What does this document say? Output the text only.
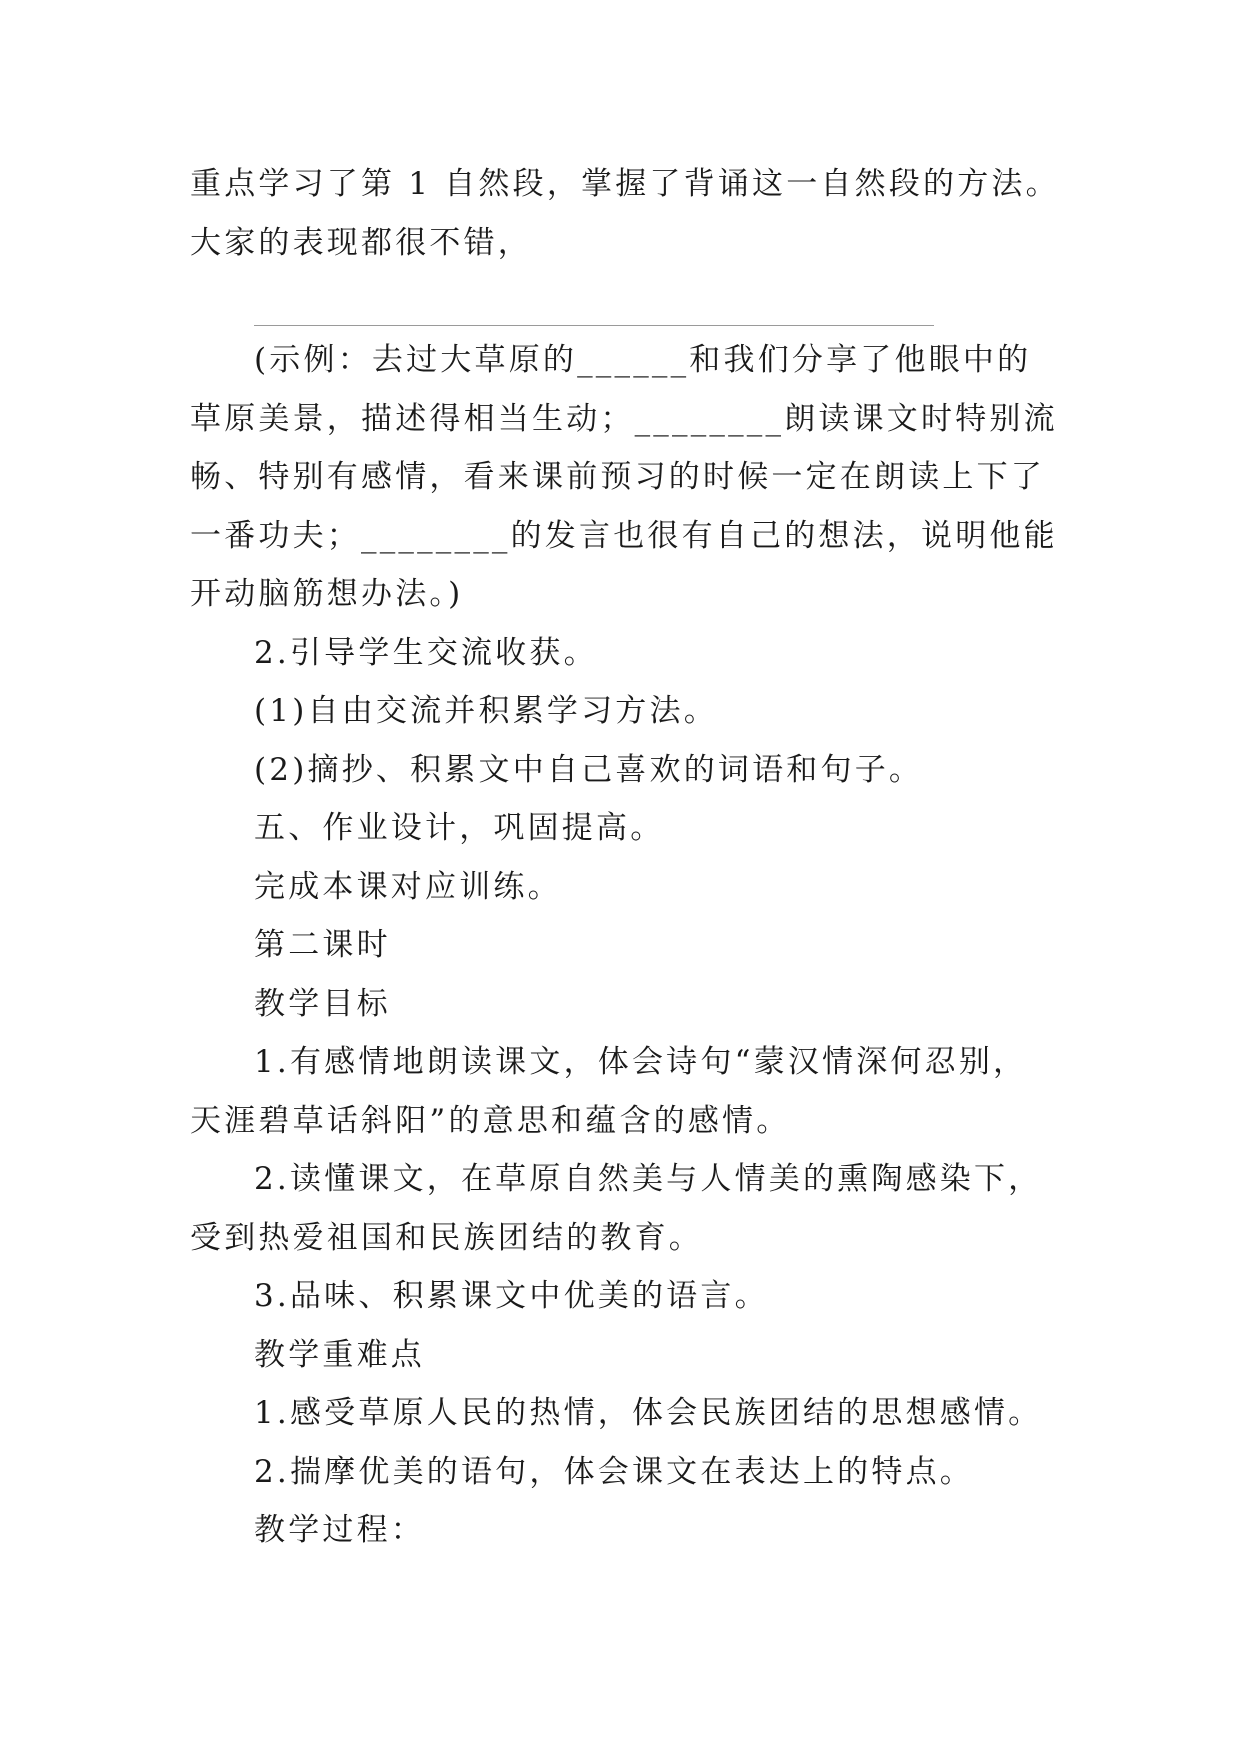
重点学习了第 1 自然段，掌握了背诵这一自然段的方法。大家的表现都很不错，

(示例：去过大草原的______和我们分享了他眼中的草原美景，描述得相当生动；________朗读课文时特别流畅、特别有感情，看来课前预习的时候一定在朗读上下了一番功夫；________的发言也很有自己的想法，说明他能开动脑筋想办法。)

2.引导学生交流收获。

(1)自由交流并积累学习方法。

(2)摘抄、积累文中自己喜欢的词语和句子。

五、作业设计，巩固提高。

完成本课对应训练。

第二课时

教学目标

1.有感情地朗读课文，体会诗句“蒙汉情深何忍别，天涯碧草话斜阳”的意思和蕴含的感情。

2.读懂课文，在草原自然美与人情美的熏陶感染下，受到热爱祖国和民族团结的教育。

3.品味、积累课文中优美的语言。

教学重难点

1.感受草原人民的热情，体会民族团结的思想感情。

2.揣摩优美的语句，体会课文在表达上的特点。

教学过程：
